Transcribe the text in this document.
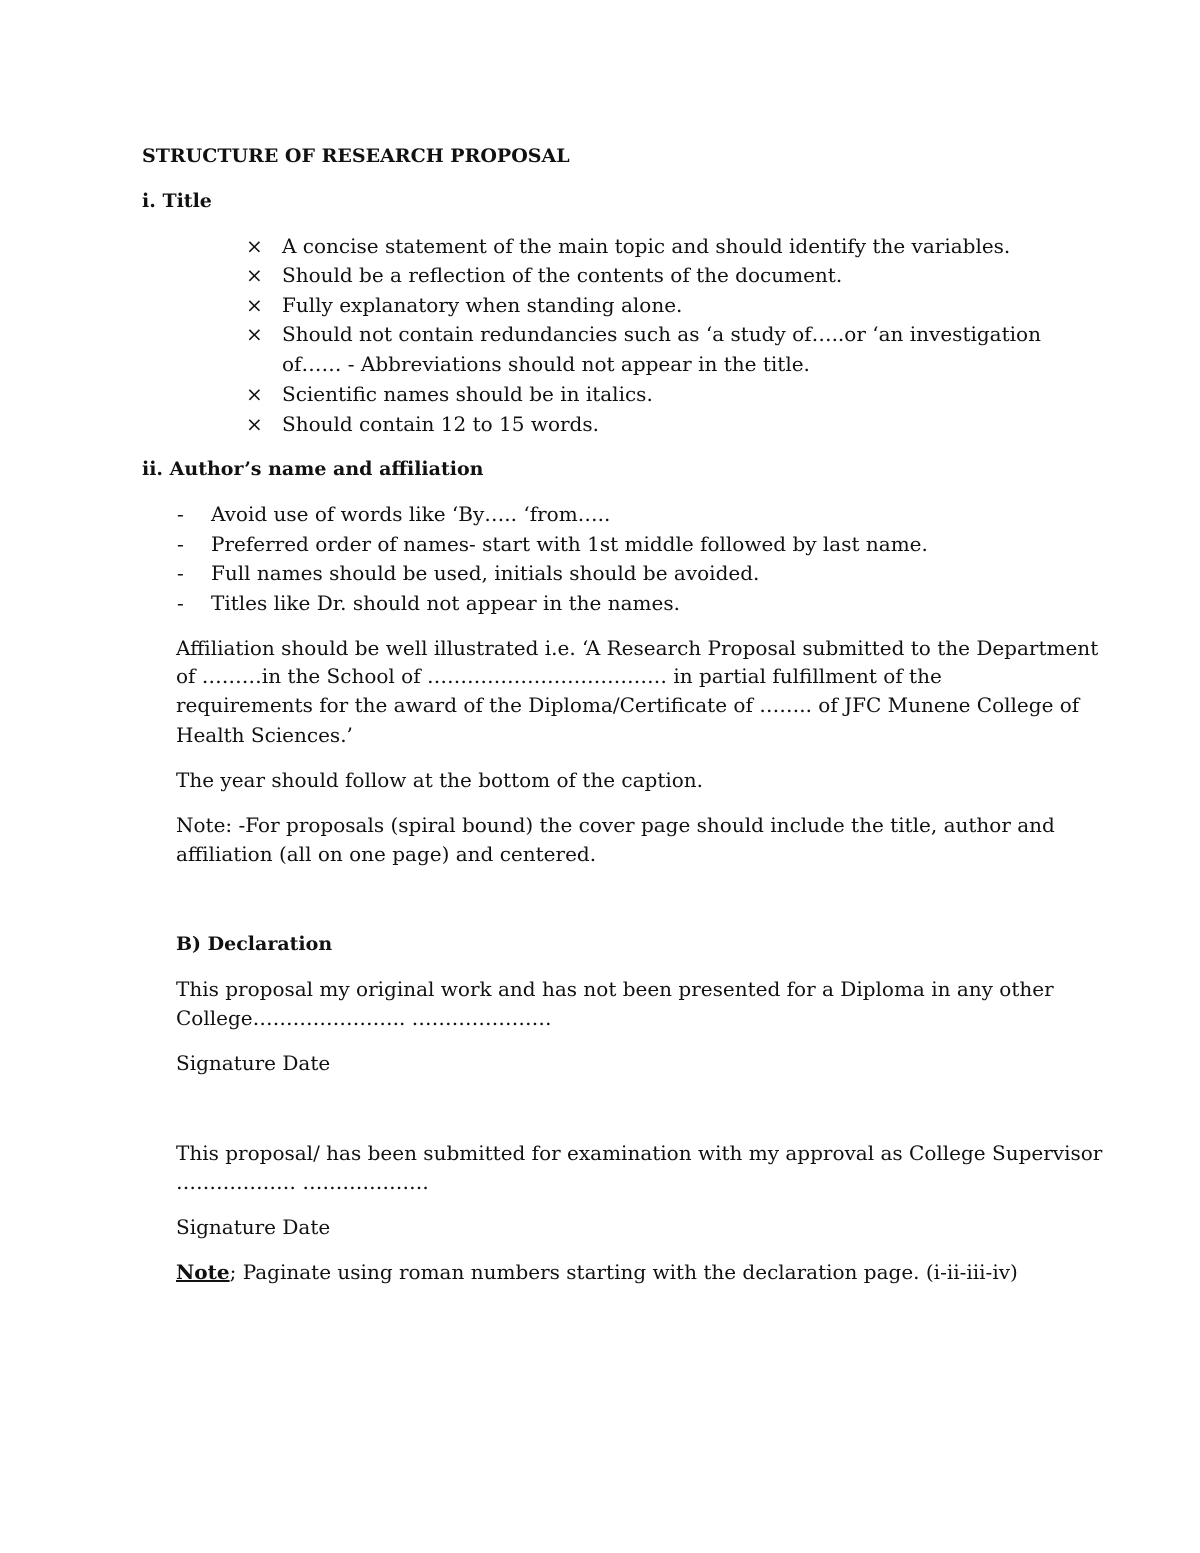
STRUCTURE OF RESEARCH PROPOSAL
i. Title
× A concise statement of the main topic and should identify the variables.
× Should be a reflection of the contents of the document.
× Fully explanatory when standing alone.
× Should not contain redundancies such as ‘a study of…..or ‘an investigation
of…… - Abbreviations should not appear in the title.
× Scientific names should be in italics.
× Should contain 12 to 15 words.
ii. Author’s name and affiliation
- Avoid use of words like ‘By….. ‘from…..
- Preferred order of names- start with 1st middle followed by last name.
- Full names should be used, initials should be avoided.
- Titles like Dr. should not appear in the names.
Affiliation should be well illustrated i.e. ‘A Research Proposal submitted to the Department
of ………in the School of ……………………………… in partial fulfillment of the
requirements for the award of the Diploma/Certificate of …….. of JFC Munene College of
Health Sciences.’
The year should follow at the bottom of the caption.
Note: -For proposals (spiral bound) the cover page should include the title, author and
affiliation (all on one page) and centered.
B) Declaration
This proposal my original work and has not been presented for a Diploma in any other
College………………….. …………………
Signature Date
This proposal/ has been submitted for examination with my approval as College Supervisor
……………… ……………….
Signature Date
Note; Paginate using roman numbers starting with the declaration page. (i-ii-iii-iv)
